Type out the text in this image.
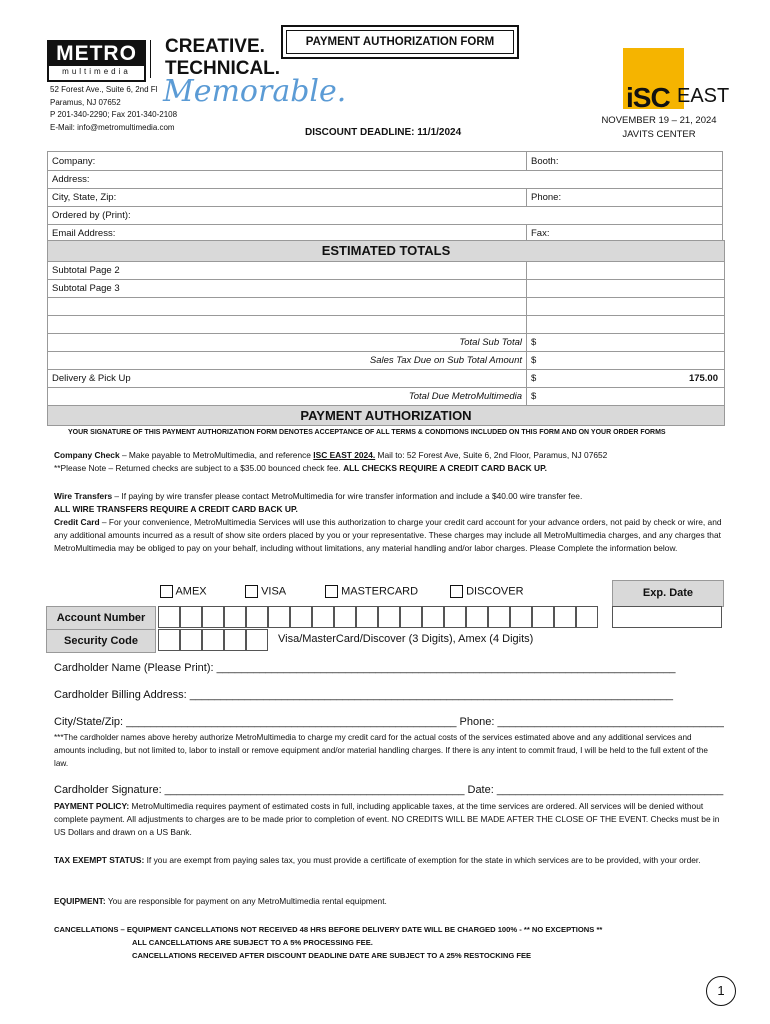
METRO
multimedia
CREATIVE.
TECHNICAL.
Memorable.
52 Forest Ave., Suite 6, 2nd Fl
Paramus, NJ 07652
P 201-340-2290; Fax 201-340-2108
E-Mail: info@metromultimedia.com
PAYMENT AUTHORIZATION FORM
DISCOUNT DEADLINE: 11/1/2024
iSC EAST
NOVEMBER 19 – 21, 2024
JAVITS CENTER
Company:	Booth:
Address:	
City, State, Zip:	Phone:
Ordered by (Print):	
Email Address:	Fax:
ESTIMATED TOTALS
Subtotal Page 2	
Subtotal Page 3	

Total Sub Total	$
Sales Tax Due on Sub Total Amount	$
Delivery & Pick Up	$ 175.00

Total Due MetroMultimedia	$
PAYMENT AUTHORIZATION
YOUR SIGNATURE OF THIS PAYMENT AUTHORIZATION FORM DENOTES ACCEPTANCE OF ALL TERMS & CONDITIONS INCLUDED ON THIS FORM AND ON YOUR ORDER FORMS
Company Check – Make payable to MetroMultimedia, and reference ISC EAST 2024. Mail to: 52 Forest Ave, Suite 6, 2nd Floor, Paramus, NJ 07652
**Please Note – Returned checks are subject to a $35.00 bounced check fee. ALL CHECKS REQUIRE A CREDIT CARD BACK UP.
Wire Transfers – If paying by wire transfer please contact MetroMultimedia for wire transfer information and include a $40.00 wire transfer fee.
ALL WIRE TRANSFERS REQUIRE A CREDIT CARD BACK UP.
Credit Card – For your convenience, MetroMultimedia Services will use this authorization to charge your credit card account for your advance orders, not paid by check or wire, and any additional amounts incurred as a result of show site orders placed by you or your representative. These charges may include all MetroMultimedia charges, and any charges that MetroMultimedia may be obliged to pay on your behalf, including without limitations, any material handling and/or labor charges. Please Complete the information below.
AMEX	VISA	MASTERCARD	DISCOVER	Exp. Date
Account Number
Security Code	Visa/MasterCard/Discover (3 Digits), Amex (4 Digits)
Cardholder Name (Please Print): ___________________________________________________________________________
Cardholder Billing Address: _______________________________________________________________________________
City/State/Zip: ______________________________________________________ Phone: _____________________________________
***The cardholder names above hereby authorize MetroMultimedia to charge my credit card for the actual costs of the services estimated above and any additional services and amounts including, but not limited to, labor to install or remove equipment and/or material handling charges. If there is any intent to commit fraud, I will be held to the full extent of the law.
Cardholder Signature: _________________________________________________ Date: _____________________________________
PAYMENT POLICY: MetroMultimedia requires payment of estimated costs in full, including applicable taxes, at the time services are ordered. All services will be denied without complete payment. All adjustments to charges are to be made prior to completion of event. NO CREDITS WILL BE MADE AFTER THE CLOSE OF THE EVENT. Checks must be in US Dollars and drawn on a US Bank.
TAX EXEMPT STATUS: If you are exempt from paying sales tax, you must provide a certificate of exemption for the state in which services are to be provided, with your order.
EQUIPMENT: You are responsible for payment on any MetroMultimedia rental equipment.
CANCELLATIONS – EQUIPMENT CANCELLATIONS NOT RECEIVED 48 HRS BEFORE DELIVERY DATE WILL BE CHARGED 100% - ** NO EXCEPTIONS **
ALL CANCELLATIONS ARE SUBJECT TO A 5% PROCESSING FEE.
CANCELLATIONS RECEIVED AFTER DISCOUNT DEADLINE DATE ARE SUBJECT TO A 25% RESTOCKING FEE
1
